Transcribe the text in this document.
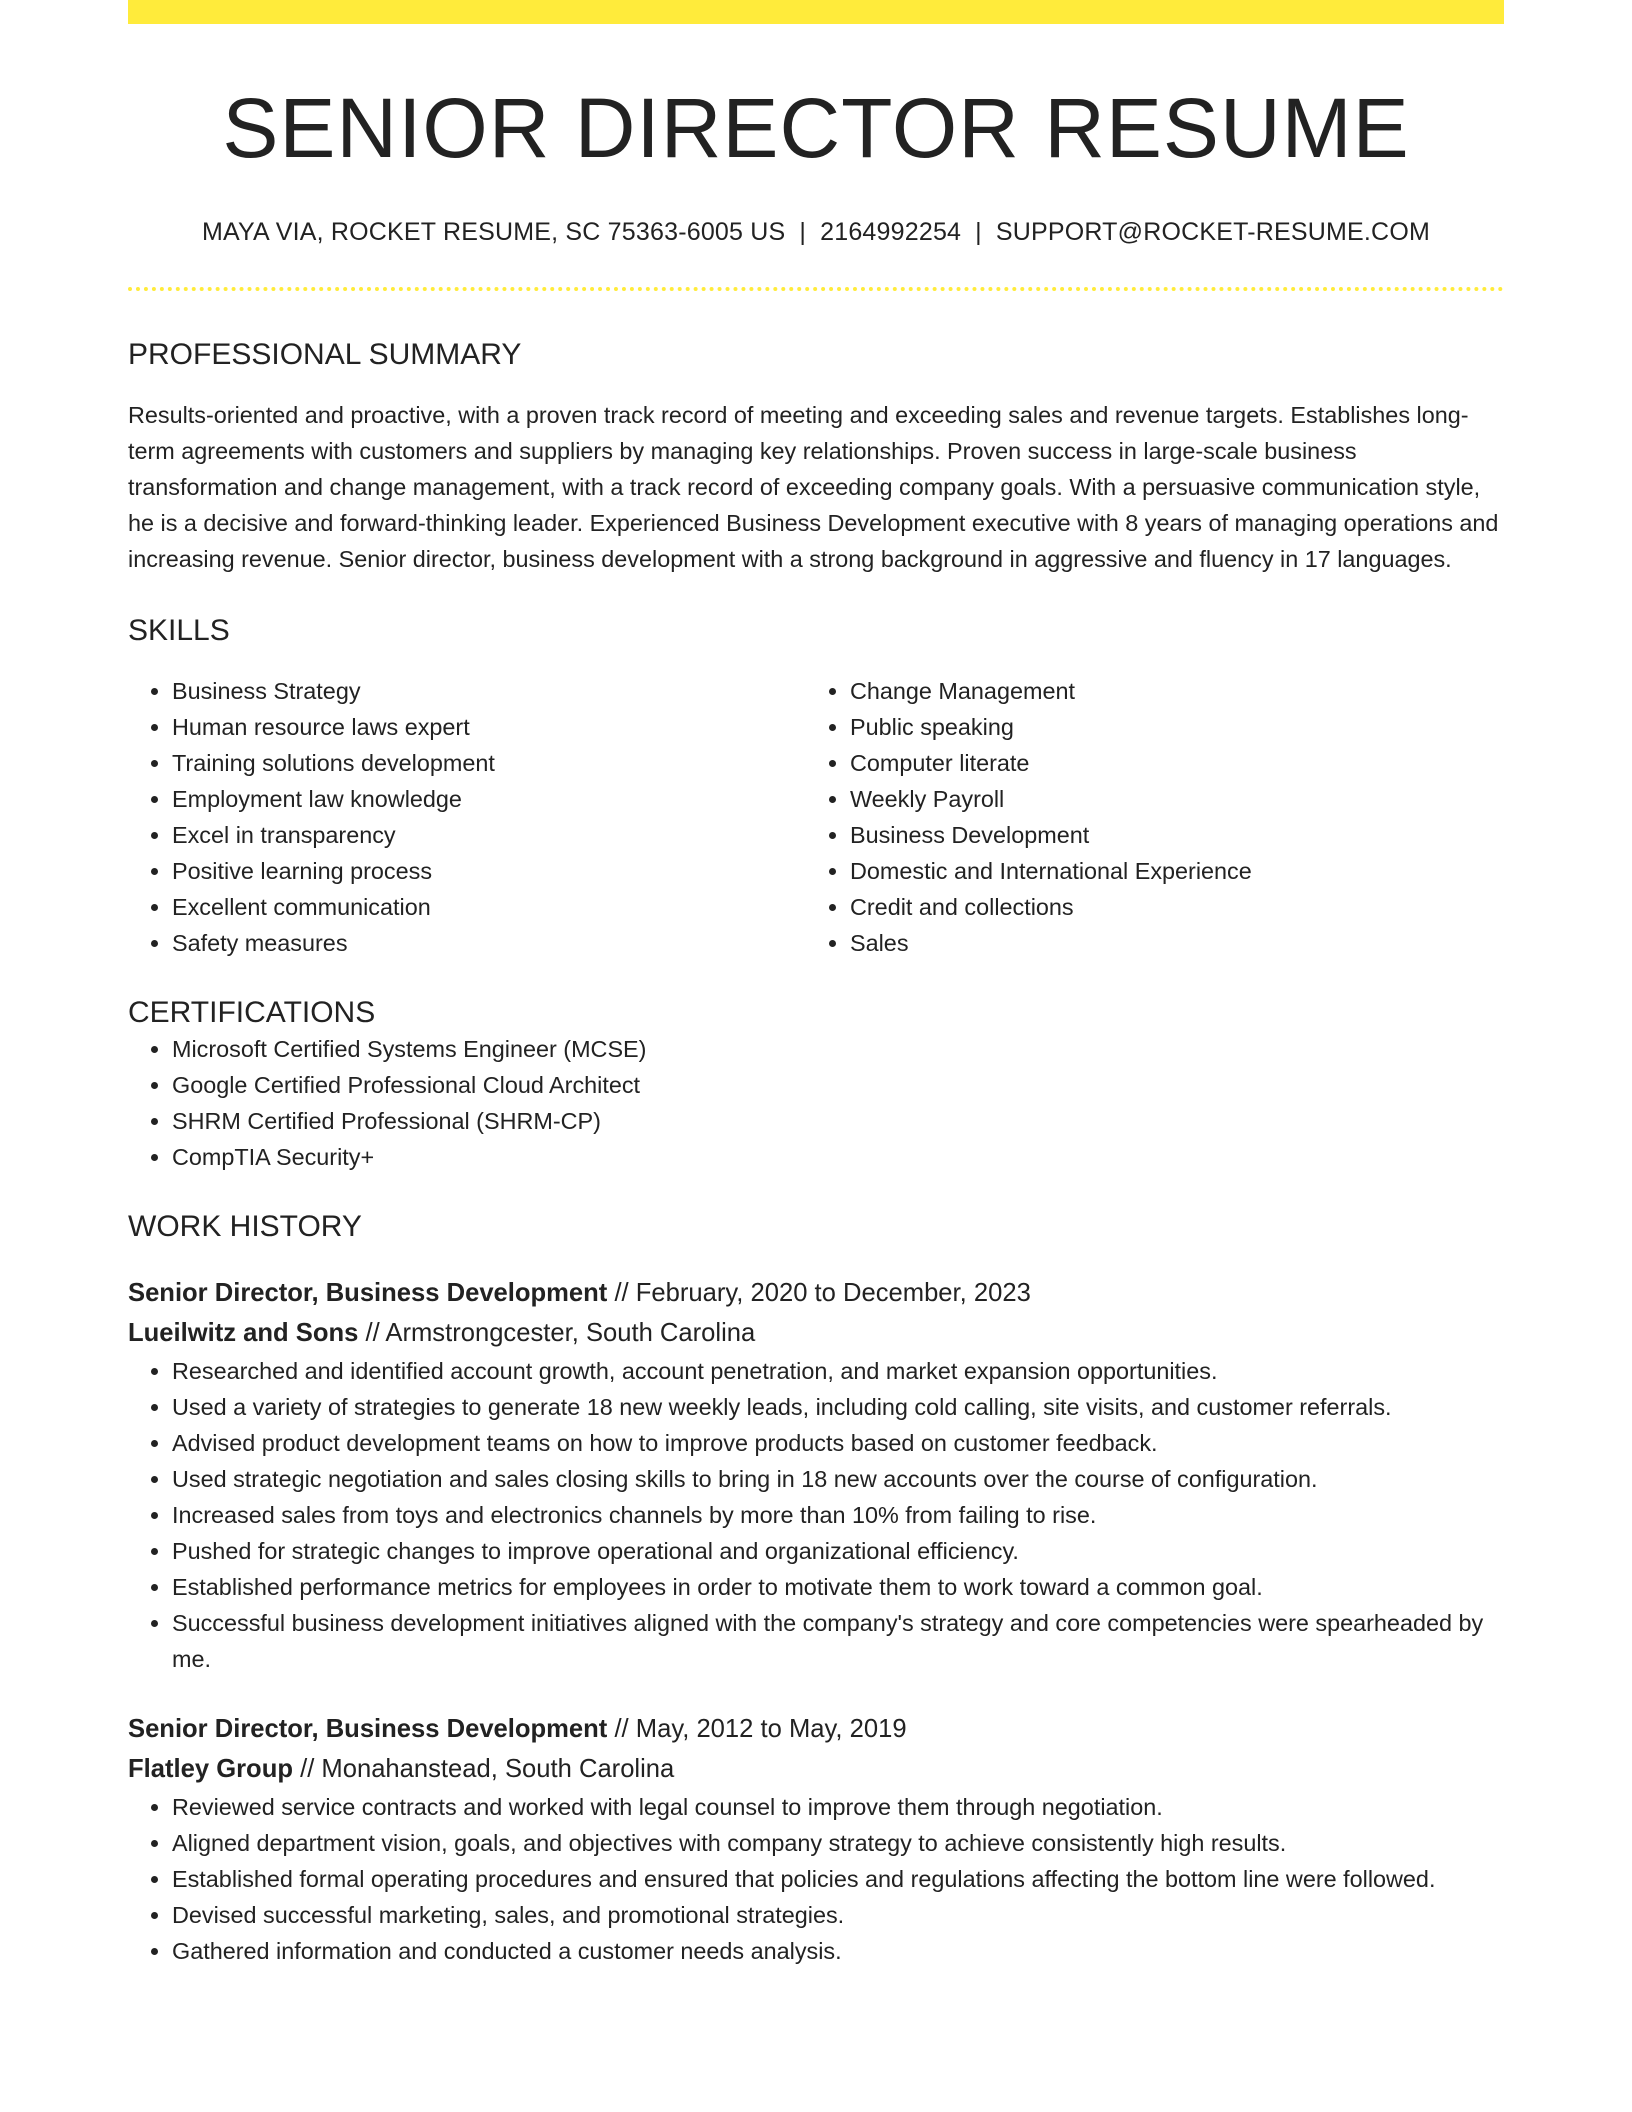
SENIOR DIRECTOR RESUME
MAYA VIA, ROCKET RESUME, SC 75363-6005 US | 2164992254 | SUPPORT@ROCKET-RESUME.COM
PROFESSIONAL SUMMARY

Results-oriented and proactive, with a proven track record of meeting and exceeding sales and revenue targets. Establishes long-term agreements with customers and suppliers by managing key relationships. Proven success in large-scale business transformation and change management, with a track record of exceeding company goals. With a persuasive communication style, he is a decisive and forward-thinking leader. Experienced Business Development executive with 8 years of managing operations and increasing revenue. Senior director, business development with a strong background in aggressive and fluency in 17 languages.

SKILLS
• Business Strategy
• Human resource laws expert
• Training solutions development
• Employment law knowledge
• Excel in transparency
• Positive learning process
• Excellent communication
• Safety measures
• Change Management
• Public speaking
• Computer literate
• Weekly Payroll
• Business Development
• Domestic and International Experience
• Credit and collections
• Sales
CERTIFICATIONS
• Microsoft Certified Systems Engineer (MCSE)
• Google Certified Professional Cloud Architect
• SHRM Certified Professional (SHRM-CP)
• CompTIA Security+
WORK HISTORY
Senior Director, Business Development // February, 2020 to December, 2023
Lueilwitz and Sons // Armstrongcester, South Carolina
• Researched and identified account growth, account penetration, and market expansion opportunities.
• Used a variety of strategies to generate 18 new weekly leads, including cold calling, site visits, and customer referrals.
• Advised product development teams on how to improve products based on customer feedback.
• Used strategic negotiation and sales closing skills to bring in 18 new accounts over the course of configuration.
• Increased sales from toys and electronics channels by more than 10% from failing to rise.
• Pushed for strategic changes to improve operational and organizational efficiency.
• Established performance metrics for employees in order to motivate them to work toward a common goal.
• Successful business development initiatives aligned with the company's strategy and core competencies were spearheaded by me.
Senior Director, Business Development // May, 2012 to May, 2019
Flatley Group // Monahanstead, South Carolina
• Reviewed service contracts and worked with legal counsel to improve them through negotiation.
• Aligned department vision, goals, and objectives with company strategy to achieve consistently high results.
• Established formal operating procedures and ensured that policies and regulations affecting the bottom line were followed.
• Devised successful marketing, sales, and promotional strategies.
• Gathered information and conducted a customer needs analysis.
